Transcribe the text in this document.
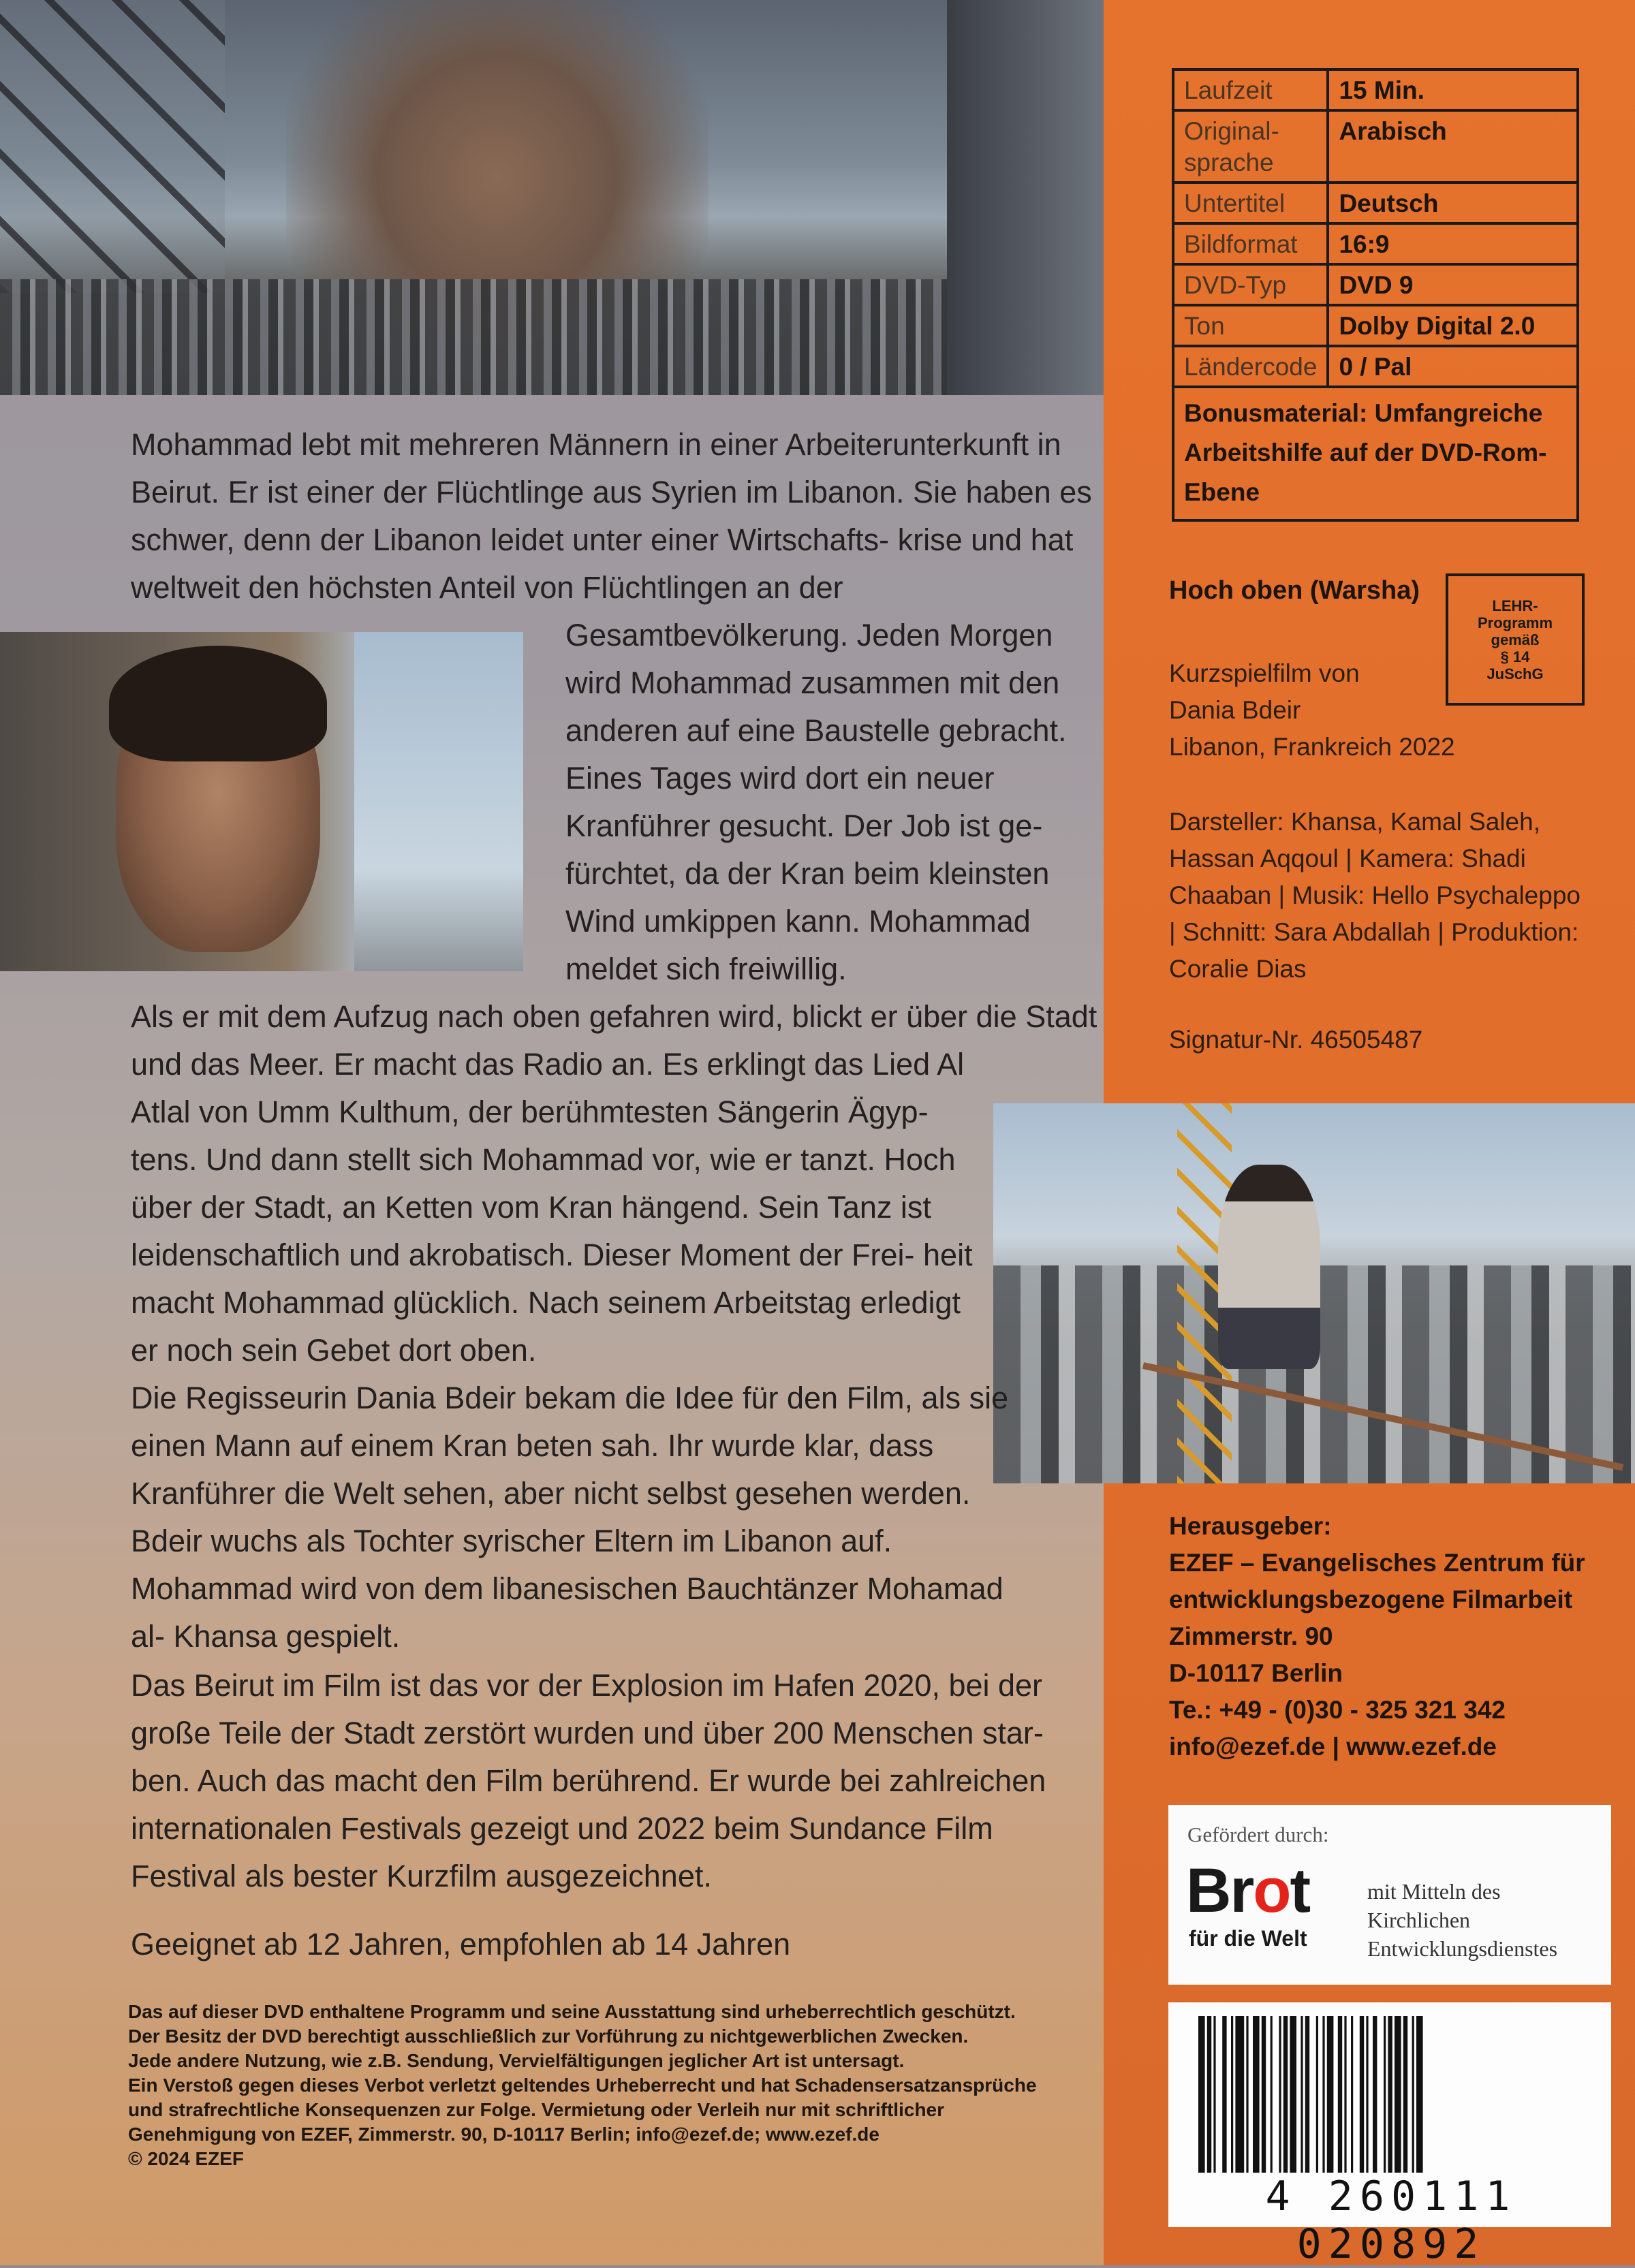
Laufzeit	15 Min.
Original-
sprache	Arabisch
Untertitel	Deutsch
Bildformat	16:9
DVD-Typ	DVD 9
Ton	Dolby Digital 2.0
Ländercode	0 / Pal
Bonusmaterial: Umfangreiche Arbeitshilfe auf der DVD-Rom-Ebene	
Hoch oben (Warsha)
LEHR-
Programm
gemäß
§ 14
JuSchG
Kurzspielfilm von
Dania Bdeir
Libanon, Frankreich 2022
Darsteller: Khansa, Kamal Saleh, Hassan Aqqoul | Kamera: Shadi Chaaban | Musik: Hello Psychaleppo | Schnitt: Sara Abdallah | Produktion: Coralie Dias
Signatur-Nr. 46505487
Mohammad lebt mit mehreren Männern in einer Arbeiterunterkunft in Beirut. Er ist einer der Flüchtlinge aus Syrien im Libanon. Sie haben es schwer, denn der Libanon leidet unter einer Wirtschafts- krise und hat weltweit den höchsten Anteil von Flüchtlingen an der
Gesamtbevölkerung. Jeden Morgen wird Mohammad zusammen mit den anderen auf eine Baustelle gebracht. Eines Tages wird dort ein neuer Kranführer gesucht. Der Job ist ge- fürchtet, da der Kran beim kleinsten Wind umkippen kann. Mohammad meldet sich freiwillig.
Als er mit dem Aufzug nach oben gefahren wird, blickt er über die Stadt und das Meer. Er macht das Radio an. Es erklingt das Lied Al
Atlal von Umm Kulthum, der berühmtesten Sängerin Ägyp- tens. Und dann stellt sich Mohammad vor, wie er tanzt. Hoch über der Stadt, an Ketten vom Kran hängend. Sein Tanz ist leidenschaftlich und akrobatisch. Dieser Moment der Frei- heit macht Mohammad glücklich. Nach seinem Arbeitstag erledigt er noch sein Gebet dort oben.
Die Regisseurin Dania Bdeir bekam die Idee für den Film, als sie einen Mann auf einem Kran beten sah. Ihr wurde klar, dass Kranführer die Welt sehen, aber nicht selbst gesehen werden. Bdeir wuchs als Tochter syrischer Eltern im Libanon auf. Mohammad wird von dem libanesischen Bauchtänzer Mohamad al- Khansa gespielt.
Das Beirut im Film ist das vor der Explosion im Hafen 2020, bei der große Teile der Stadt zerstört wurden und über 200 Menschen star- ben. Auch das macht den Film berührend. Er wurde bei zahlreichen internationalen Festivals gezeigt und 2022 beim Sundance Film Festival als bester Kurzfilm ausgezeichnet.
Geeignet ab 12 Jahren, empfohlen ab 14 Jahren
Das auf dieser DVD enthaltene Programm und seine Ausstattung sind urheberrechtlich geschützt.
Der Besitz der DVD berechtigt ausschließlich zur Vorführung zu nichtgewerblichen Zwecken.
Jede andere Nutzung, wie z.B. Sendung, Vervielfältigungen jeglicher Art ist untersagt.
Ein Verstoß gegen dieses Verbot verletzt geltendes Urheberrecht und hat Schadensersatzansprüche
und strafrechtliche Konsequenzen zur Folge. Vermietung oder Verleih nur mit schriftlicher
Genehmigung von EZEF, Zimmerstr. 90, D-10117 Berlin; info@ezef.de; www.ezef.de
© 2024 EZEF
Herausgeber:
EZEF – Evangelisches Zentrum für
entwicklungsbezogene Filmarbeit
Zimmerstr. 90
D-10117 Berlin
Te.: +49 - (0)30 - 325 321 342
info@ezef.de | www.ezef.de
Gefördert durch:
Brot
für die Welt
mit Mitteln des
Kirchlichen
Entwicklungsdienstes
4 260111 020892
